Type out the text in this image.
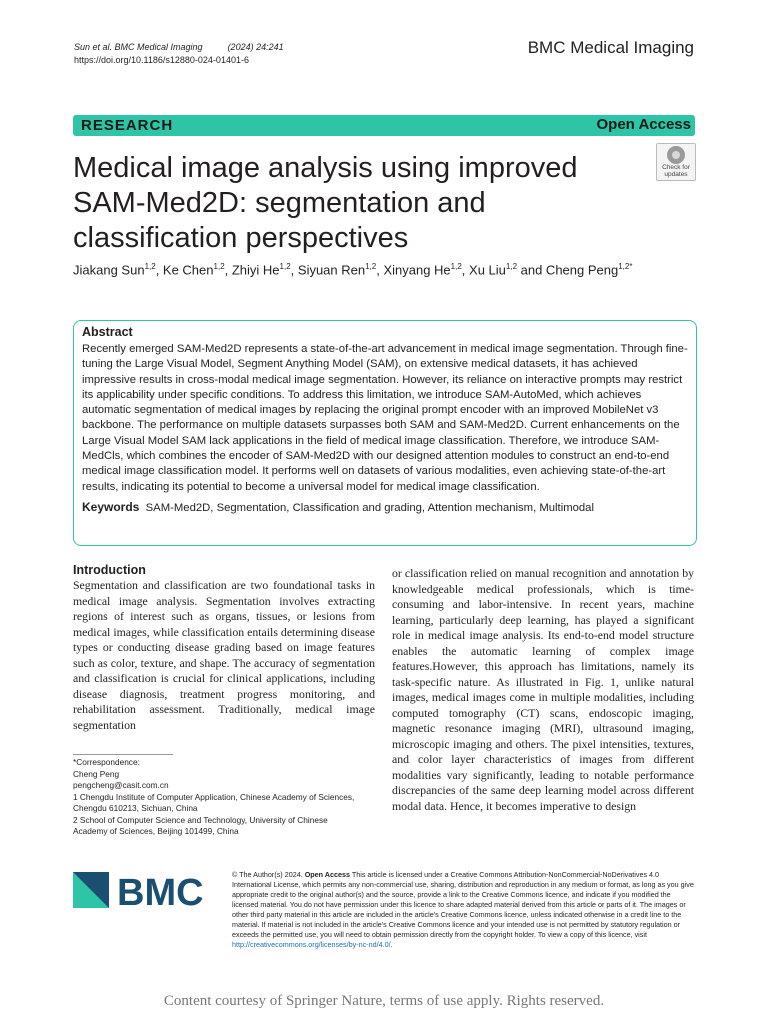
Sun et al. BMC Medical Imaging          (2024) 24:241
https://doi.org/10.1186/s12880-024-01401-6
BMC Medical Imaging
RESEARCH	Open Access
Medical image analysis using improved SAM-Med2D: segmentation and classification perspectives
Check for
updates
Jiakang Sun$^{1,2}$, Ke Chen$^{1,2}$, Zhiyi He$^{1,2}$, Siyuan Ren$^{1,2}$, Xinyang He$^{1,2}$, Xu Liu$^{1,2}$ and Cheng Peng$^{1,2*}$
Abstract
Recently emerged SAM-Med2D represents a state-of-the-art advancement in medical image segmentation. Through fine-tuning the Large Visual Model, Segment Anything Model (SAM), on extensive medical datasets, it has achieved impressive results in cross-modal medical image segmentation. However, its reliance on interactive prompts may restrict its applicability under specific conditions. To address this limitation, we introduce SAM-AutoMed, which achieves automatic segmentation of medical images by replacing the original prompt encoder with an improved MobileNet v3 backbone. The performance on multiple datasets surpasses both SAM and SAM-Med2D. Current enhancements on the Large Visual Model SAM lack applications in the field of medical image classification. Therefore, we introduce SAM-MedCls, which combines the encoder of SAM-Med2D with our designed attention modules to construct an end-to-end medical image classification model. It performs well on datasets of various modalities, even achieving state-of-the-art results, indicating its potential to become a universal model for medical image classification.
Keywords SAM-Med2D, Segmentation, Classification and grading, Attention mechanism, Multimodal
Introduction
Segmentation and classification are two foundational tasks in medical image analysis. Segmentation involves extracting regions of interest such as organs, tissues, or lesions from medical images, while classification entails determining disease types or conducting disease grading based on image features such as color, texture, and shape. The accuracy of segmentation and classification is crucial for clinical applications, including disease diagnosis, treatment progress monitoring, and rehabilitation assessment. Traditionally, medical image segmentation
or classification relied on manual recognition and annotation by knowledgeable medical professionals, which is time-consuming and labor-intensive. In recent years, machine learning, particularly deep learning, has played a significant role in medical image analysis. Its end-to-end model structure enables the automatic learning of complex image features.However, this approach has limitations, namely its task-specific nature. As illustrated in Fig. 1, unlike natural images, medical images come in multiple modalities, including computed tomography (CT) scans, endoscopic imaging, magnetic resonance imaging (MRI), ultrasound imaging, microscopic imaging and others. The pixel intensities, textures, and color layer characteristics of images from different modalities vary significantly, leading to notable performance discrepancies of the same deep learning model across different modal data. Hence, it becomes imperative to design
*Correspondence:
Cheng Peng
pengcheng@casit.com.cn
1 Chengdu Institute of Computer Application, Chinese Academy of Sciences, Chengdu 610213, Sichuan, China
2 School of Computer Science and Technology, University of Chinese Academy of Sciences, Beijing 101499, China
BMC	© The Author(s) 2024. Open Access This article is licensed under a Creative Commons Attribution-NonCommercial-NoDerivatives 4.0 International License, which permits any non-commercial use, sharing, distribution and reproduction in any medium or format, as long as you give appropriate credit to the original author(s) and the source, provide a link to the Creative Commons licence, and indicate if you modified the licensed material. You do not have permission under this licence to share adapted material derived from this article or parts of it. The images or other third party material in this article are included in the article's Creative Commons licence, unless indicated otherwise in a credit line to the material. If material is not included in the article's Creative Commons licence and your intended use is not permitted by statutory regulation or exceeds the permitted use, you will need to obtain permission directly from the copyright holder. To view a copy of this licence, visit http://creativecommons.org/licenses/by-nc-nd/4.0/.
Content courtesy of Springer Nature, terms of use apply. Rights reserved.
